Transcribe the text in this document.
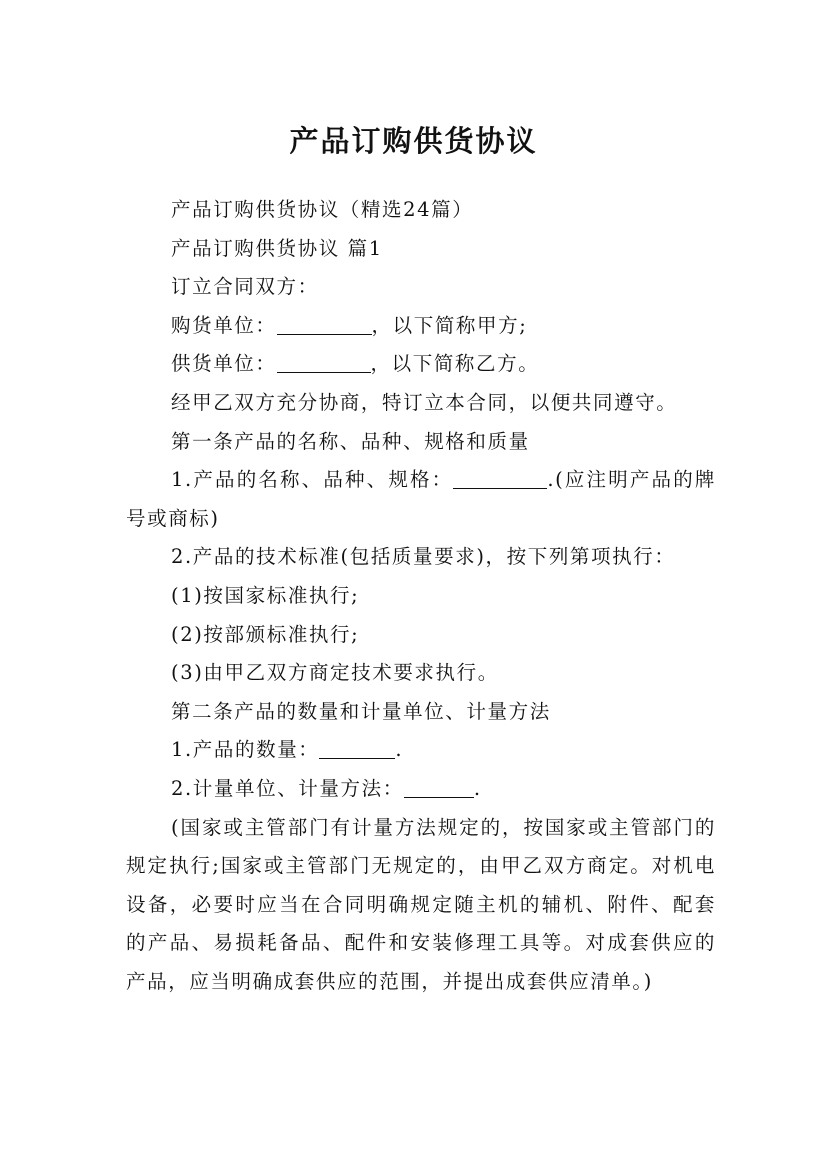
产品订购供货协议

产品订购供货协议（精选24篇）

产品订购供货协议 篇1

订立合同双方：

购货单位：	，以下简称甲方;

供货单位：	，以下简称乙方。

经甲乙双方充分协商，特订立本合同，以便共同遵守。

第一条产品的名称、品种、规格和质量

1.产品的名称、品种、规格：	.(应注明产品的牌号或商标)

2.产品的技术标准(包括质量要求)，按下列第项执行：

(1)按国家标准执行;

(2)按部颁标准执行;

(3)由甲乙双方商定技术要求执行。

第二条产品的数量和计量单位、计量方法

1.产品的数量：	.

2.计量单位、计量方法：	.

(国家或主管部门有计量方法规定的，按国家或主管部门的规定执行;国家或主管部门无规定的，由甲乙双方商定。对机电设备，必要时应当在合同明确规定随主机的辅机、附件、配套的产品、易损耗备品、配件和安装修理工具等。对成套供应的产品，应当明确成套供应的范围，并提出成套供应清单。)
